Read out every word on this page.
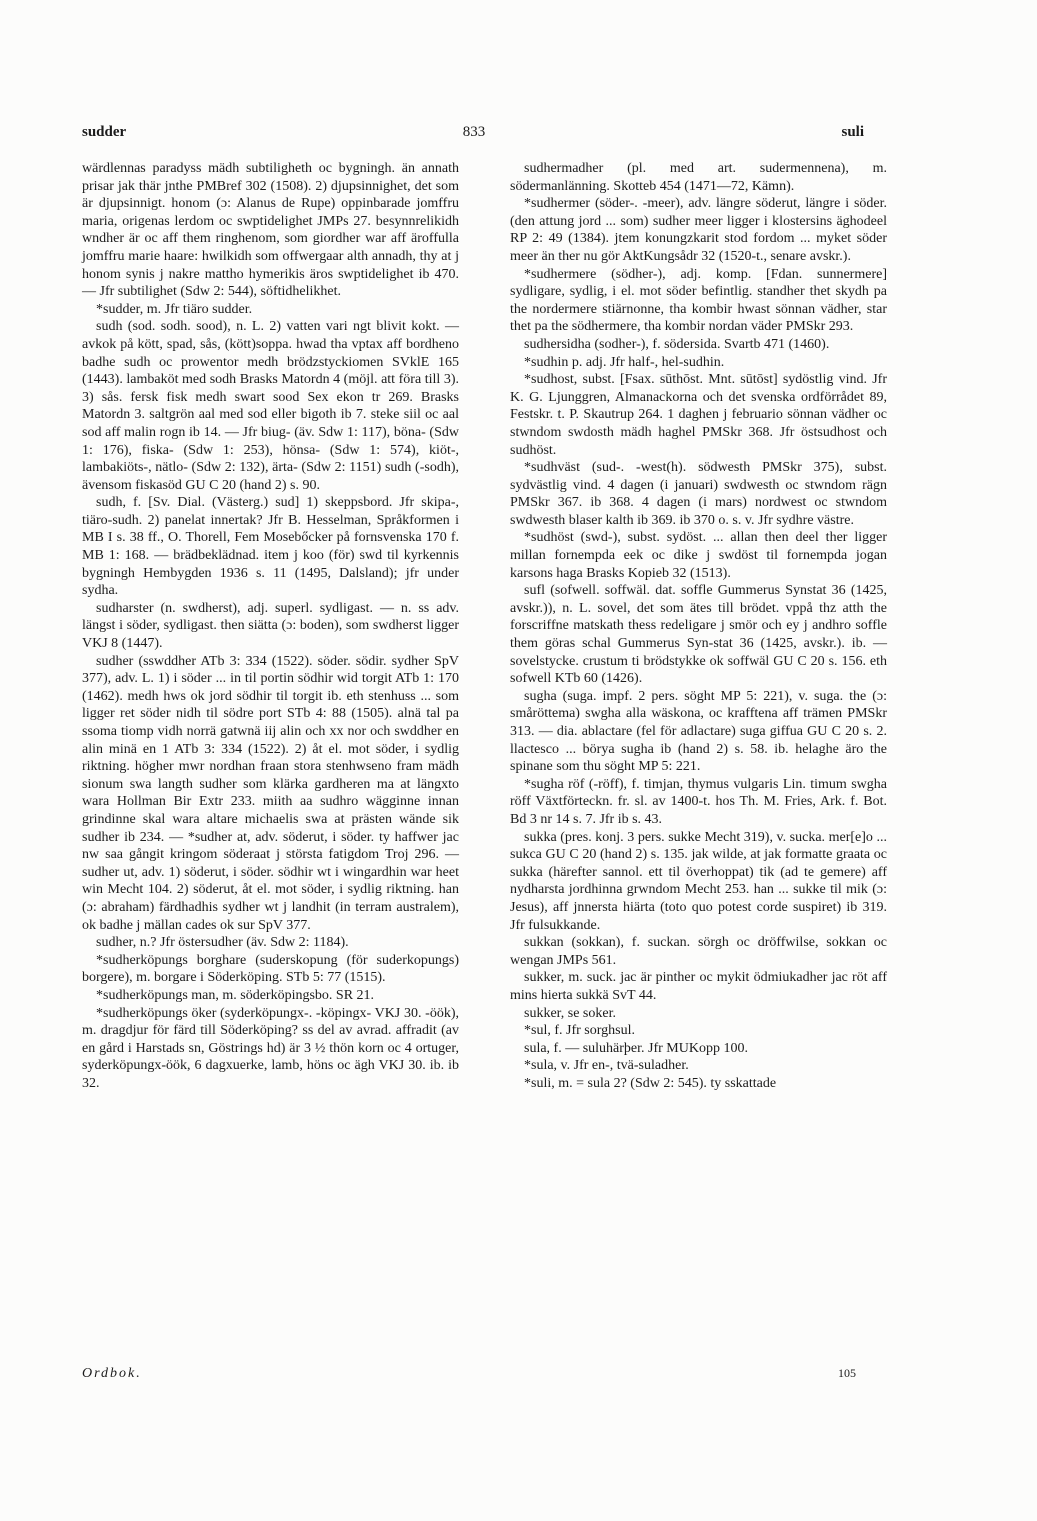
sudder	833	suli

wärdlennas paradyss mädh subtiligheth oc bygningh. än annath prisar jak thär jnthe PMBref 302 (1508). 2) djupsinnighet, det som är djupsinnigt. honom (ɔ: Alanus de Rupe) oppinbarade jomffru maria, origenas lerdom oc swptidelighet JMPs 27. besynnrelikidh wndher är oc aff them ringhenom, som giordher war aff äroffulla jomffru marie haare: hwilkidh som offwergaar alth annadh, thy at j honom synis j nakre mattho hymerikis äros swptidelighet ib 470. — Jfr subtilighet (Sdw 2: 544), söftidhelikhet.

*sudder, m. Jfr tiäro sudder.

sudh (sod. sodh. sood), n. L. 2) vatten vari ngt blivit kokt. — avkok på kött, spad, sås, (kött)soppa. hwad tha vptax aff bordheno badhe sudh oc prowentor medh brödzstyckiomen SVklE 165 (1443). lambaköt med sodh Brasks Matordn 4 (möjl. att föra till 3). 3) sås. fersk fisk medh swart sood Sex ekon tr 269. Brasks Matordn 3. saltgrön aal med sod eller bigoth ib 7. steke siil oc aal sod aff malin rogn ib 14. — Jfr biug- (äv. Sdw 1: 117), böna- (Sdw 1: 176), fiska- (Sdw 1: 253), hönsa- (Sdw 1: 574), kiöt-, lambakiöts-, nätlo- (Sdw 2: 132), ärta- (Sdw 2: 1151) sudh (-sodh), ävensom fiskasöd GU C 20 (hand 2) s. 90.

sudh, f. [Sv. Dial. (Västerg.) sud] 1) skeppsbord. Jfr skipa-, tiäro-sudh. 2) panelat innertak? Jfr B. Hesselman, Språkformen i MB I s. 38 ff., O. Thorell, Fem Mosebőcker på fornsvenska 170 f. MB 1: 168. — brädbeklädnad. item j koo (för) swd til kyrkennis bygningh Hembygden 1936 s. 11 (1495, Dalsland); jfr under sydha.

sudharster (n. swdherst), adj. superl. sydligast. — n. ss adv. längst i söder, sydligast. then siätta (ɔ: boden), som swdherst ligger VKJ 8 (1447).

sudher (sswddher ATb 3: 334 (1522). söder. södir. sydher SpV 377), adv. L. 1) i söder ... in til portin södhir wid torgit ATb 1: 170 (1462). medh hws ok jord södhir til torgit ib. eth stenhuss ... som ligger ret söder nidh til södre port STb 4: 88 (1505). alnä tal pa ssoma tiomp vidh norrä gatwnä iij alin och xx nor och swddher en alin minä en 1 ATb 3: 334 (1522). 2) åt el. mot söder, i sydlig riktning. högher mwr nordhan fraan stora stenhwseno fram mädh sionum swa langth sudher som klärka gardheren ma at längxto wara Hollman Bir Extr 233. miith aa sudhro wägginne innan grindinne skal wara altare michaelis swa at prästen wände sik sudher ib 234. — *sudher at, adv. söderut, i söder. ty haffwer jac nw saa gångit kringom söderaat j största fatigdom Troj 296. — sudher ut, adv. 1) söderut, i söder. södhir wt i wingardhin war heet win Mecht 104. 2) söderut, åt el. mot söder, i sydlig riktning. han (ɔ: abraham) färdhadhis sydher wt j landhit (in terram australem), ok badhe j mällan cades ok sur SpV 377.

sudher, n.? Jfr östersudher (äv. Sdw 2: 1184).

*sudherköpungs borghare (suderskopung (för suderkopungs) borgere), m. borgare i Söderköping. STb 5: 77 (1515).

*sudherköpungs man, m. söderköpingsbo. SR 21.

*sudherköpungs öker (syderköpungx-. -köpingx- VKJ 30. -öök), m. dragdjur för färd till Söderköping? ss del av avrad. affradit (av en gård i Harstads sn, Göstrings hd) är 3 ½ thön korn oc 4 ortuger, syderköpungx-öök, 6 dagxuerke, lamb, höns oc ägh VKJ 30. ib. ib 32.

sudhermadher (pl. med art. sudermennena), m. södermanlänning. Skotteb 454 (1471—72, Kämn).

*sudhermer (söder-. -meer), adv. längre söderut, längre i söder. (den attung jord ... som) sudher meer ligger i klostersins äghodeel RP 2: 49 (1384). jtem konungzkarit stod fordom ... myket söder meer än ther nu gör AktKungsådr 32 (1520-t., senare avskr.).

*sudhermere (södher-), adj. komp. [Fdan. sunnermere] sydligare, sydlig, i el. mot söder befintlig. standher thet skydh pa the nordermere stiärnonne, tha kombir hwast sönnan vädher, star thet pa the södhermere, tha kombir nordan väder PMSkr 293.

sudhersidha (sodher-), f. södersida. Svartb 471 (1460).

*sudhin p. adj. Jfr half-, hel-sudhin.

*sudhost, subst. [Fsax. sūthōst. Mnt. sūtōst] sydöstlig vind. Jfr K. G. Ljunggren, Almanackorna och det svenska ordförrådet 89, Festskr. t. P. Skautrup 264. 1 daghen j februario sönnan vädher oc stwndom swdosth mädh haghel PMSkr 368. Jfr östsudhost och sudhöst.

*sudhväst (sud-. -west(h). södwesth PMSkr 375), subst. sydvästlig vind. 4 dagen (i januari) swdwesth oc stwndom rägn PMSkr 367. ib 368. 4 dagen (i mars) nordwest oc stwndom swdwesth blaser kalth ib 369. ib 370 o. s. v. Jfr sydhre västre.

*sudhöst (swd-), subst. sydöst. ... allan then deel ther ligger millan fornempda eek oc dike j swdöst til fornempda jogan karsons haga Brasks Kopieb 32 (1513).

sufl (sofwell. soffwäl. dat. soffle Gummerus Synstat 36 (1425, avskr.)), n. L. sovel, det som ätes till brödet. vppå thz atth the forscriffne matskath thess redeligare j smör och ey j andhro soffle them göras schal Gummerus Syn-stat 36 (1425, avskr.). ib. — sovelstycke. crustum ti brödstykke ok soffwäl GU C 20 s. 156. eth sofwell KTb 60 (1426).

sugha (suga. impf. 2 pers. söght MP 5: 221), v. suga. the (ɔ: småröttema) swgha alla wäskona, oc krafftena aff trämen PMSkr 313. — dia. ablactare (fel för adlactare) suga giffua GU C 20 s. 2. llactesco ... börya sugha ib (hand 2) s. 58. ib. helaghe äro the spinane som thu söght MP 5: 221.

*sugha röf (-röff), f. timjan, thymus vulgaris Lin. timum swgha röff Växtförteckn. fr. sl. av 1400-t. hos Th. M. Fries, Ark. f. Bot. Bd 3 nr 14 s. 7. Jfr ib s. 43.

sukka (pres. konj. 3 pers. sukke Mecht 319), v. sucka. mer[e]o ... sukca GU C 20 (hand 2) s. 135. jak wilde, at jak formatte graata oc sukka (härefter sannol. ett til överhoppat) tik (ad te gemere) aff nydharsta jordhinna grwndom Mecht 253. han ... sukke til mik (ɔ: Jesus), aff jnnersta hiärta (toto quo potest corde suspiret) ib 319. Jfr fulsukkande.

sukkan (sokkan), f. suckan. sörgh oc dröffwilse, sokkan oc wengan JMPs 561.

sukker, m. suck. jac är pinther oc mykit ödmiukadher jac röt aff mins hierta sukkä SvT 44.

sukker, se soker.

*sul, f. Jfr sorghsul.

sula, f. — suluhärþer. Jfr MUKopp 100.

*sula, v. Jfr en-, tvä-suladher.

*suli, m. = sula 2? (Sdw 2: 545). ty sskattade

Ordbok.	105
